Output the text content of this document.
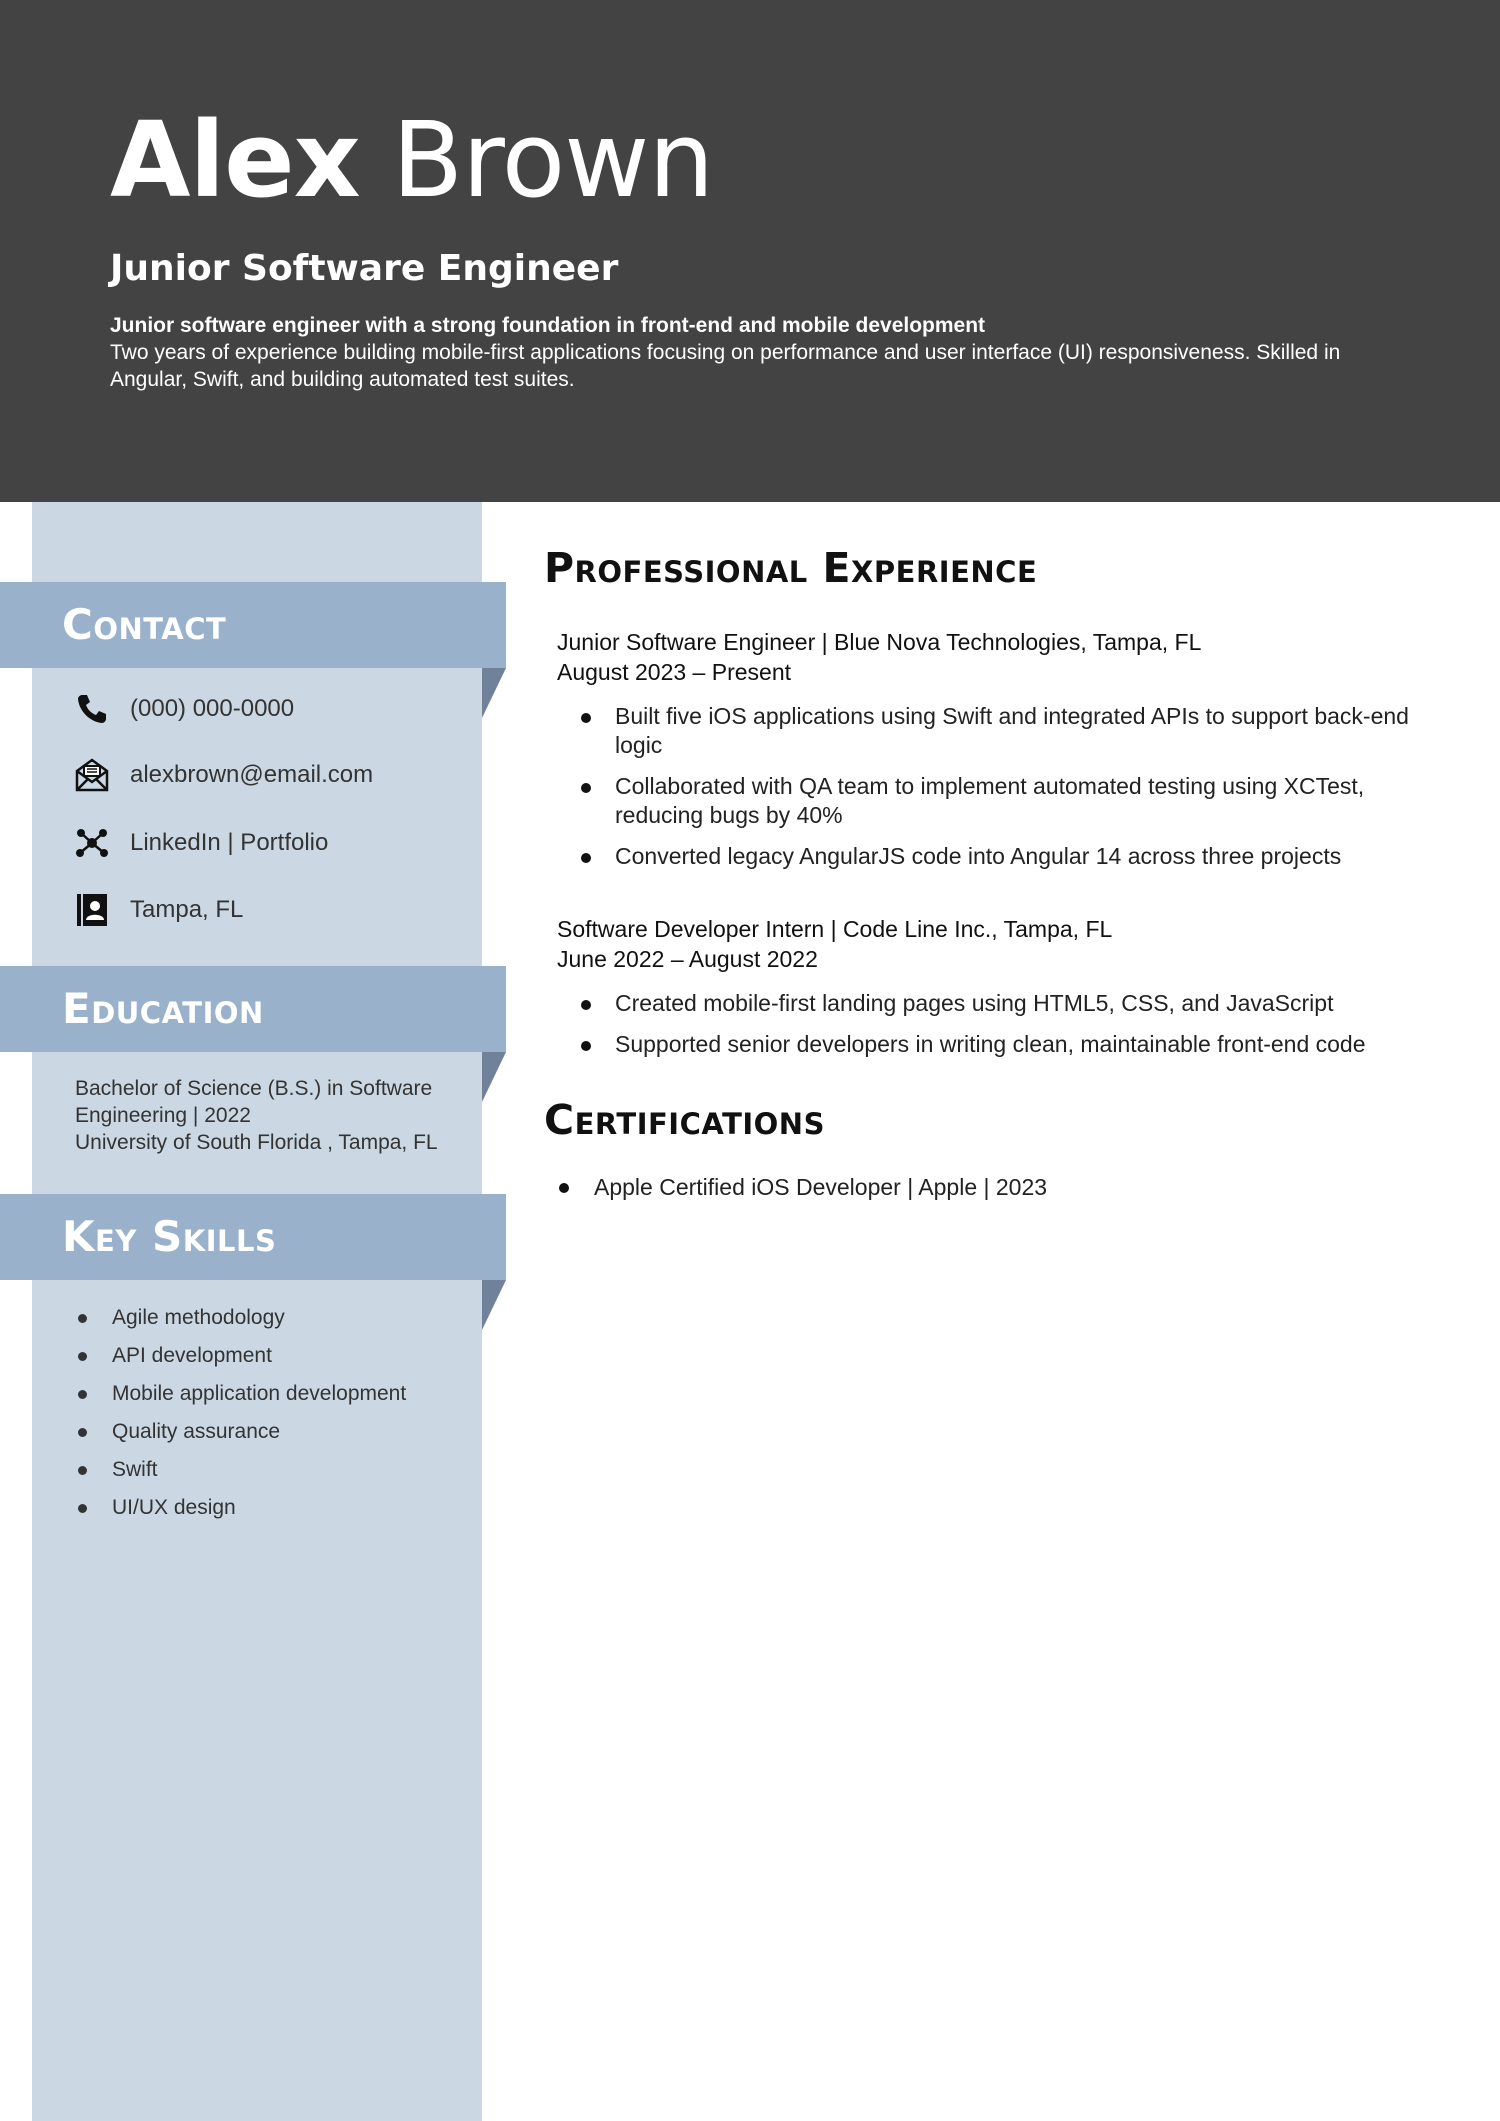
Alex Brown
Junior Software Engineer
Junior software engineer with a strong foundation in front-end and mobile development
Two years of experience building mobile-first applications focusing on performance and user interface (UI) responsiveness. Skilled in Angular, Swift, and building automated test suites.
Contact
(000) 000-0000
alexbrown@email.com
LinkedIn | Portfolio
Tampa, FL
Education
Bachelor of Science (B.S.) in Software Engineering | 2022
University of South Florida , Tampa, FL
Key Skills
Agile methodology
API development
Mobile application development
Quality assurance
Swift
UI/UX design
Professional Experience
Junior Software Engineer | Blue Nova Technologies, Tampa, FL
August 2023 – Present
Built five iOS applications using Swift and integrated APIs to support back-end logic
Collaborated with QA team to implement automated testing using XCTest, reducing bugs by 40%
Converted legacy AngularJS code into Angular 14 across three projects
Software Developer Intern | Code Line Inc., Tampa, FL
June 2022 – August 2022
Created mobile-first landing pages using HTML5, CSS, and JavaScript
Supported senior developers in writing clean, maintainable front-end code
Certifications
Apple Certified iOS Developer | Apple | 2023
